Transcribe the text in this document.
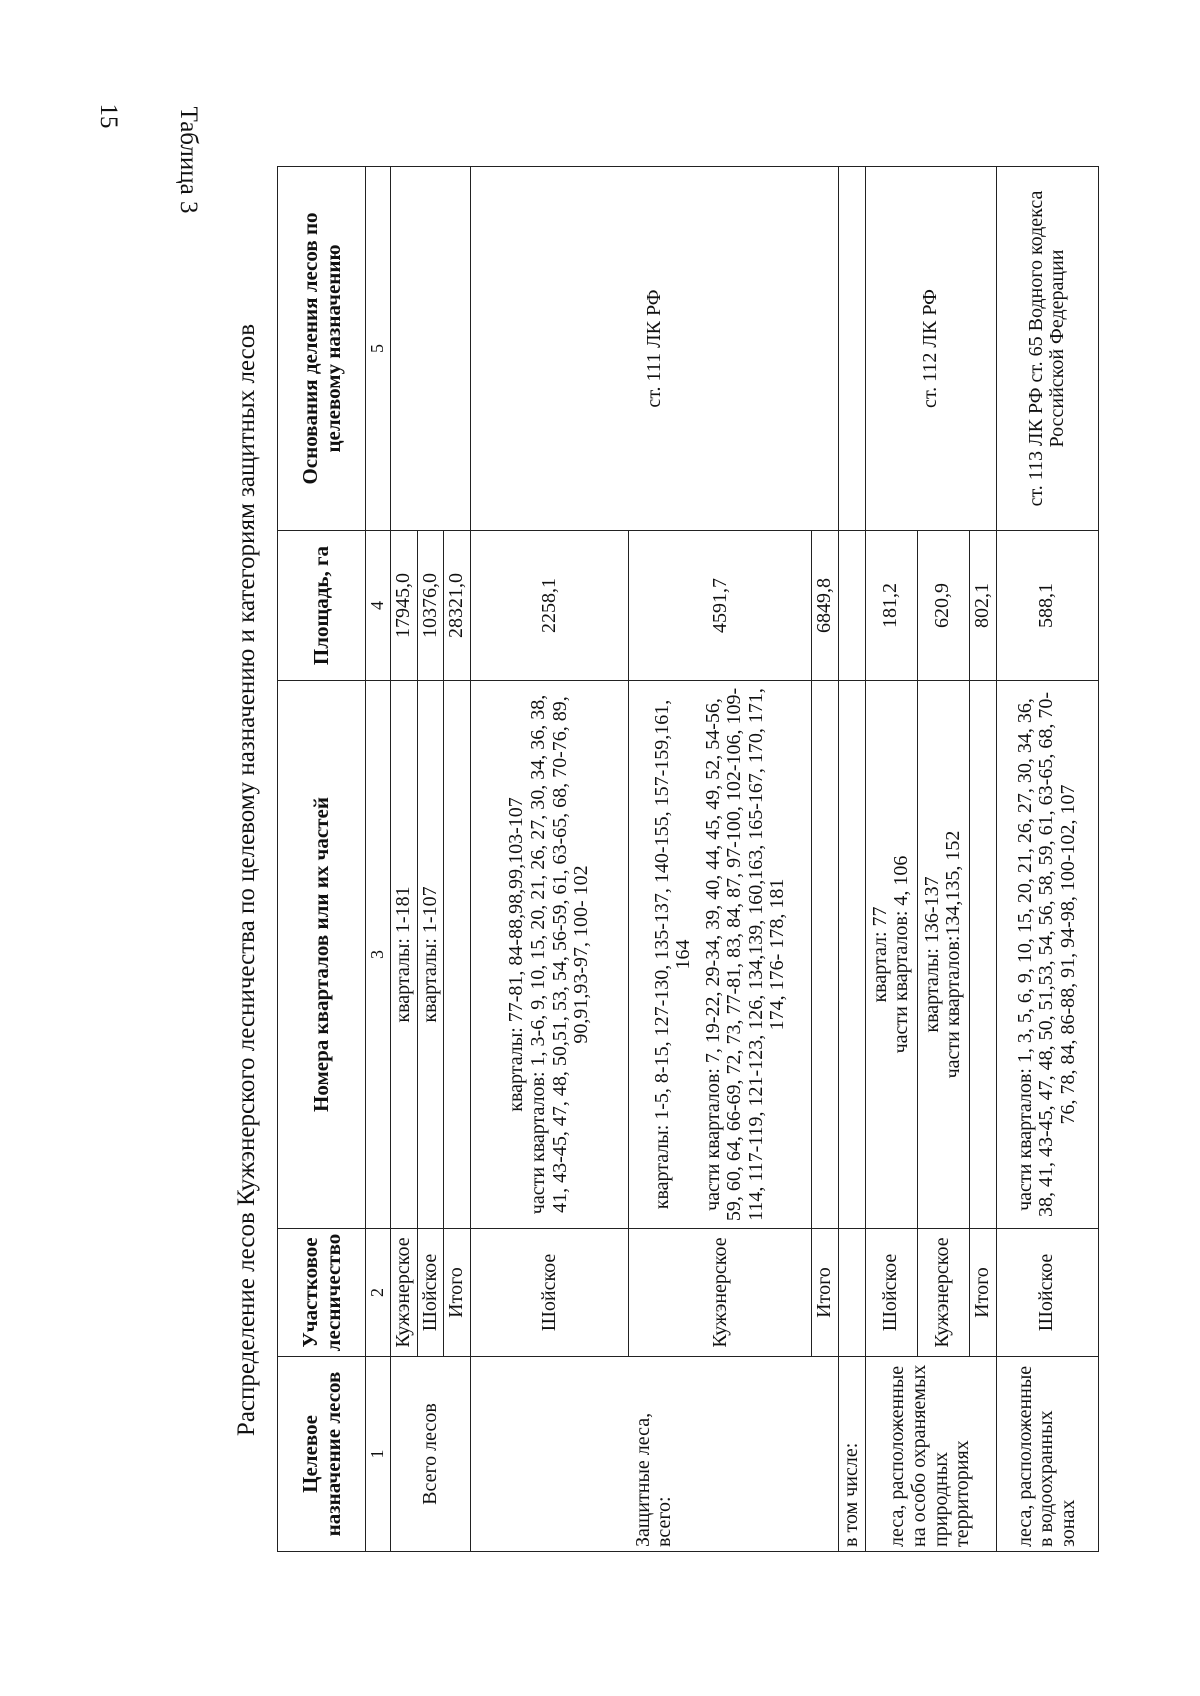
15 Таблица 3
Распределение лесов Кужэнерского лесничества по целевому назначению и категориям защитных лесов
Целевое назначение лесов	Участковое лесничество	Номера кварталов или их частей	Площадь, га	Основания деления лесов по целевому назначению
1	2	3	4	5
Всего лесов	Кужэнерское	кварталы: 1-181	17945,0	
	Шойское	кварталы: 1-107	10376,0	
	Итого		28321,0	
Защитные леса, всего:	Шойское	кварталы: 77-81, 84-88,98,99,103-107 части кварталов: 1, 3-6, 9, 10, 15, 20, 21, 26, 27, 30, 34, 36, 38, 41, 43-45, 47, 48, 50,51, 53, 54, 56-59, 61, 63-65, 68, 70-76, 89, 90,91,93-97, 100- 102	2258,1	ст. 111 ЛК РФ
	Кужэнерское	кварталы: 1-5, 8-15, 127-130, 135-137, 140-155, 157-159,161, 164 части кварталов: 7, 19-22, 29-34, 39, 40, 44, 45, 49, 52, 54-56, 59, 60, 64, 66-69, 72, 73, 77-81, 83, 84, 87, 97-100, 102-106, 109-114, 117-119, 121-123, 126, 134,139, 160,163, 165-167, 170, 171, 174, 176- 178, 181	4591,7	
	Итого		6849,8	
в том числе:				
леса, расположенные на особо охраняемых природных территориях	Шойское	квартал: 77 части кварталов: 4, 106	181,2	ст. 112 ЛК РФ
	Кужэнерское	кварталы: 136-137 части кварталов:134,135, 152	620,9	
	Итого		802,1	
леса, расположенные в водоохранных зонах	Шойское	части кварталов: 1, 3, 5, 6, 9, 10, 15, 20, 21, 26, 27, 30, 34, 36, 38, 41, 43-45, 47, 48, 50, 51,53, 54, 56, 58, 59, 61, 63-65, 68, 70-76, 78, 84, 86-88, 91, 94-98, 100-102, 107	588,1	ст. 113 ЛК РФ ст. 65 Водного кодекса Российской Федерации
